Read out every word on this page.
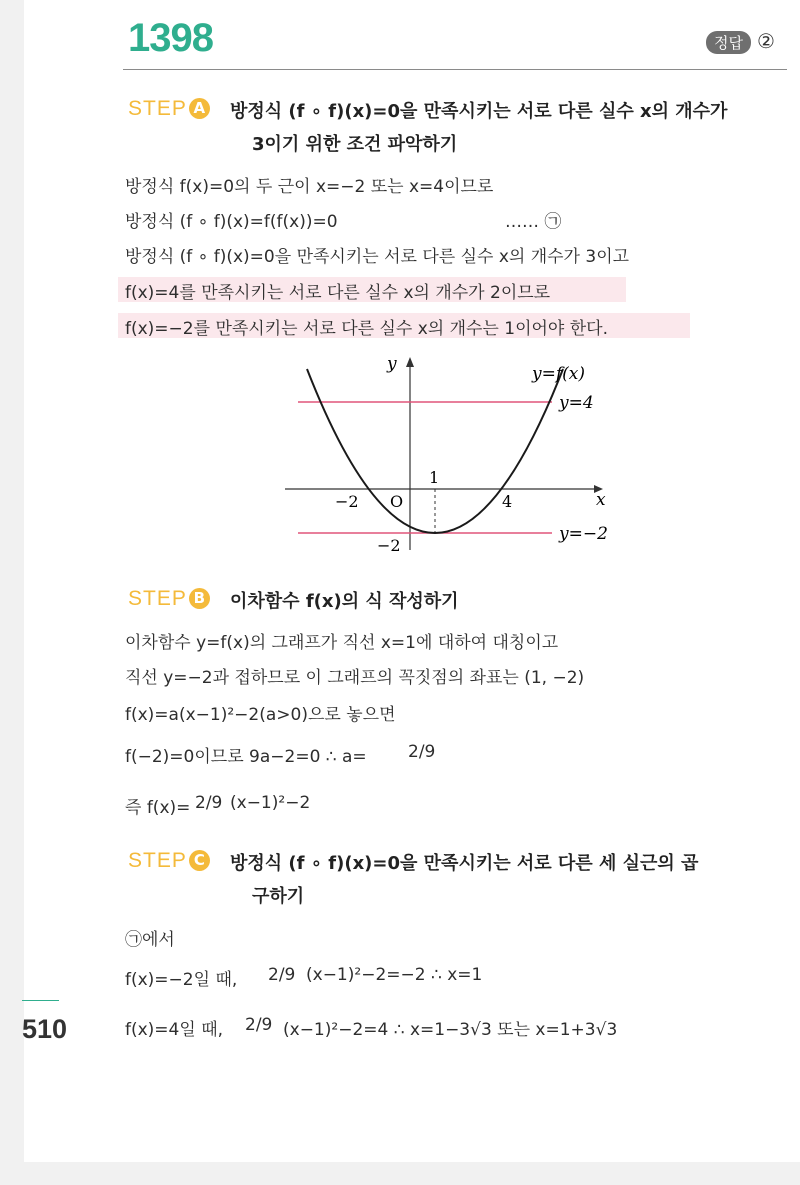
1398	정답 ②
STEP A 방정식 (f ∘ f)(x)=0을 만족시키는 서로 다른 실수 x의 개수가
3이기 위한 조건 파악하기
방정식 f(x)=0의 두 근이 x=−2 또는 x=4이므로
방정식 (f ∘ f)(x)=f(f(x))=0	…… ㉠
방정식 (f ∘ f)(x)=0을 만족시키는 서로 다른 실수 x의 개수가 3이고
f(x)=4를 만족시키는 서로 다른 실수 x의 개수가 2이므로
f(x)=−2를 만족시키는 서로 다른 실수 x의 개수는 1이어야 한다.
y
x
y=f(x)
y=4
y=−2
O
−2	4
1
−2
STEP B 이차함수 f(x)의 식 작성하기
이차함수 y=f(x)의 그래프가 직선 x=1에 대하여 대칭이고
직선 y=−2과 접하므로 이 그래프의 꼭짓점의 좌표는 (1, −2)
f(x)=a(x−1)²−2(a>0)으로 놓으면
f(−2)=0이므로 9a−2=0 ∴ a= 2/9
즉 f(x)= 2/9 (x−1)²−2
STEP C 방정식 (f ∘ f)(x)=0을 만족시키는 서로 다른 세 실근의 곱
구하기
㉠에서
f(x)=−2일 때, 2/9 (x−1)²−2=−2 ∴ x=1
f(x)=4일 때, 2/9 (x−1)²−2=4 ∴ x=1−3√3 또는 x=1+3√3
510
